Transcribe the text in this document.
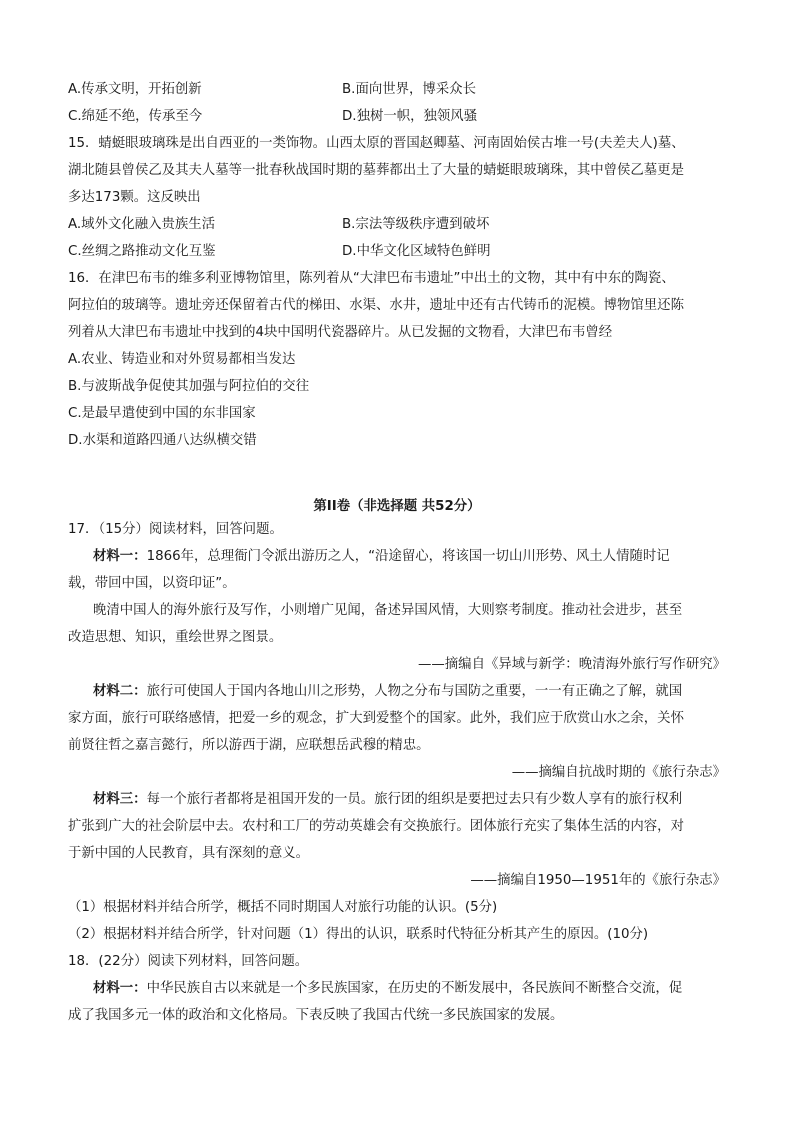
A.传承文明，开拓创新	B.面向世界，博采众长
C.绵延不绝，传承至今	D.独树一帜，独领风骚
15．蜻蜓眼玻璃珠是出自西亚的一类饰物。山西太原的晋国赵卿墓、河南固始侯古堆一号(夫差夫人)墓、
湖北随县曾侯乙及其夫人墓等一批春秋战国时期的墓葬都出土了大量的蜻蜓眼玻璃珠，其中曾侯乙墓更是
多达173颗。这反映出
A.域外文化融入贵族生活	B.宗法等级秩序遭到破坏
C.丝绸之路推动文化互鉴	D.中华文化区域特色鲜明
16．在津巴布韦的维多利亚博物馆里，陈列着从“大津巴布韦遗址”中出土的文物，其中有中东的陶瓷、
阿拉伯的玻璃等。遗址旁还保留着古代的梯田、水渠、水井，遗址中还有古代铸币的泥模。博物馆里还陈
列着从大津巴布韦遗址中找到的4块中国明代瓷器碎片。从已发掘的文物看，大津巴布韦曾经
A.农业、铸造业和对外贸易都相当发达
B.与波斯战争促使其加强与阿拉伯的交往
C.是最早遣使到中国的东非国家
D.水渠和道路四通八达纵横交错
第II卷（非选择题 共52分）
17．（15分）阅读材料，回答问题。
材料一：1866年，总理衙门令派出游历之人，“沿途留心，将该国一切山川形势、风土人情随时记
载，带回中国，以资印证”。
晚清中国人的海外旅行及写作，小则增广见闻，备述异国风情，大则察考制度。推动社会进步，甚至
改造思想、知识，重绘世界之图景。
——摘编自《异域与新学：晚清海外旅行写作研究》
材料二：旅行可使国人于国内各地山川之形势，人物之分布与国防之重要，一一有正确之了解，就国
家方面，旅行可联络感情，把爱一乡的观念，扩大到爱整个的国家。此外，我们应于欣赏山水之余，关怀
前贤往哲之嘉言懿行，所以游西于湖，应联想岳武穆的精忠。
——摘编自抗战时期的《旅行杂志》
材料三：每一个旅行者都将是祖国开发的一员。旅行团的组织是要把过去只有少数人享有的旅行权利
扩张到广大的社会阶层中去。农村和工厂的劳动英雄会有交换旅行。团体旅行充实了集体生活的内容，对
于新中国的人民教育，具有深刻的意义。
——摘编自1950—1951年的《旅行杂志》
（1）根据材料并结合所学，概括不同时期国人对旅行功能的认识。(5分)
（2）根据材料并结合所学，针对问题（1）得出的认识，联系时代特征分析其产生的原因。(10分)
18．(22分）阅读下列材料，回答问题。
材料一：中华民族自古以来就是一个多民族国家，在历史的不断发展中，各民族间不断整合交流，促
成了我国多元一体的政治和文化格局。下表反映了我国古代统一多民族国家的发展。
